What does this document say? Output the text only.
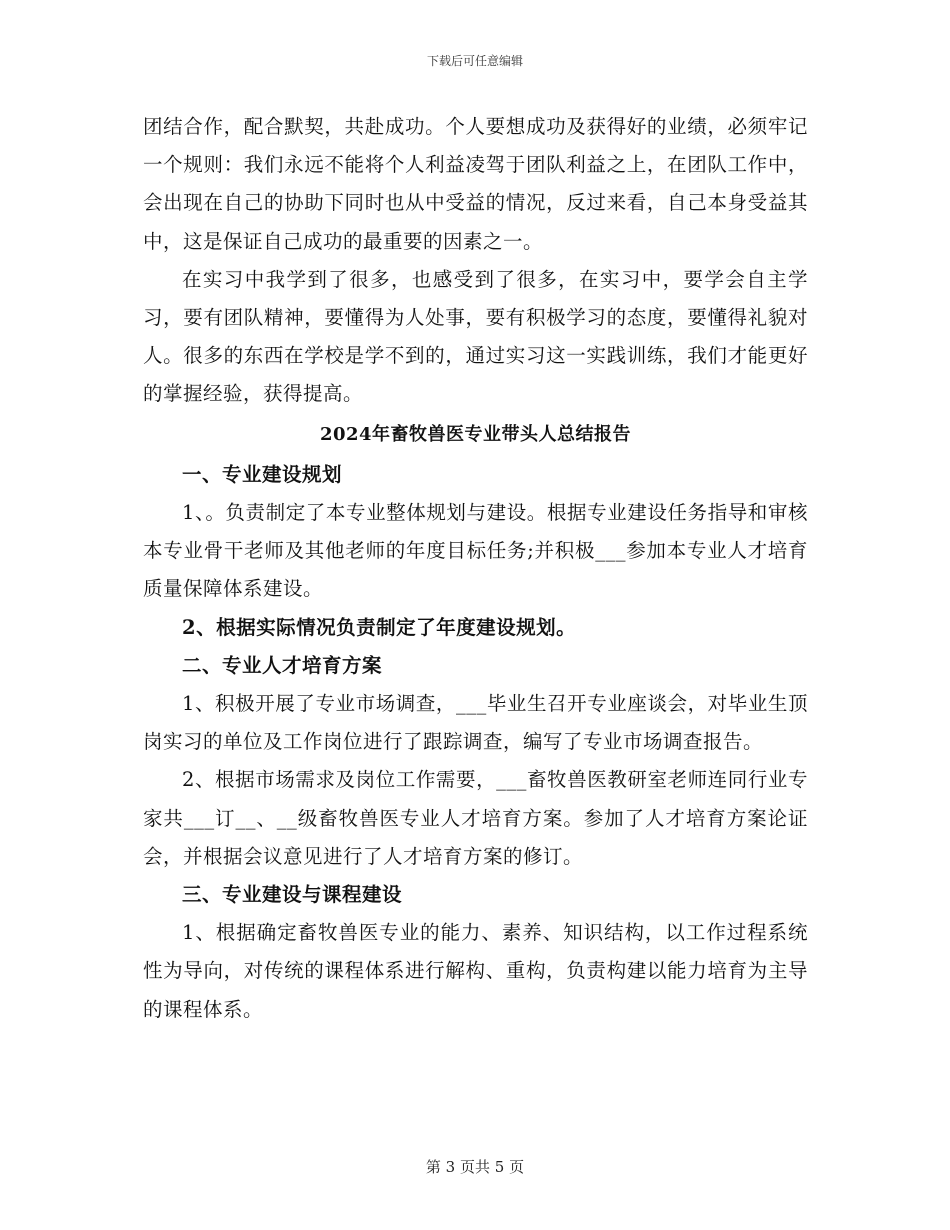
下载后可任意编辑

团结合作，配合默契，共赴成功。个人要想成功及获得好的业绩，必须牢记一个规则：我们永远不能将个人利益凌驾于团队利益之上，在团队工作中，会出现在自己的协助下同时也从中受益的情况，反过来看，自己本身受益其中，这是保证自己成功的最重要的因素之一。

在实习中我学到了很多，也感受到了很多，在实习中，要学会自主学习，要有团队精神，要懂得为人处事，要有积极学习的态度，要懂得礼貌对人。很多的东西在学校是学不到的，通过实习这一实践训练，我们才能更好的掌握经验，获得提高。

2024年畜牧兽医专业带头人总结报告

一、专业建设规划

1、。负责制定了本专业整体规划与建设。根据专业建设任务指导和审核本专业骨干老师及其他老师的年度目标任务;并积极___参加本专业人才培育质量保障体系建设。

2、根据实际情况负责制定了年度建设规划。

二、专业人才培育方案

1、积极开展了专业市场调查，___毕业生召开专业座谈会，对毕业生顶岗实习的单位及工作岗位进行了跟踪调查，编写了专业市场调查报告。

2、根据市场需求及岗位工作需要，___畜牧兽医教研室老师连同行业专家共___订__、__级畜牧兽医专业人才培育方案。参加了人才培育方案论证会，并根据会议意见进行了人才培育方案的修订。

三、专业建设与课程建设

1、根据确定畜牧兽医专业的能力、素养、知识结构，以工作过程系统性为导向，对传统的课程体系进行解构、重构，负责构建以能力培育为主导的课程体系。

第 3 页共 5 页
